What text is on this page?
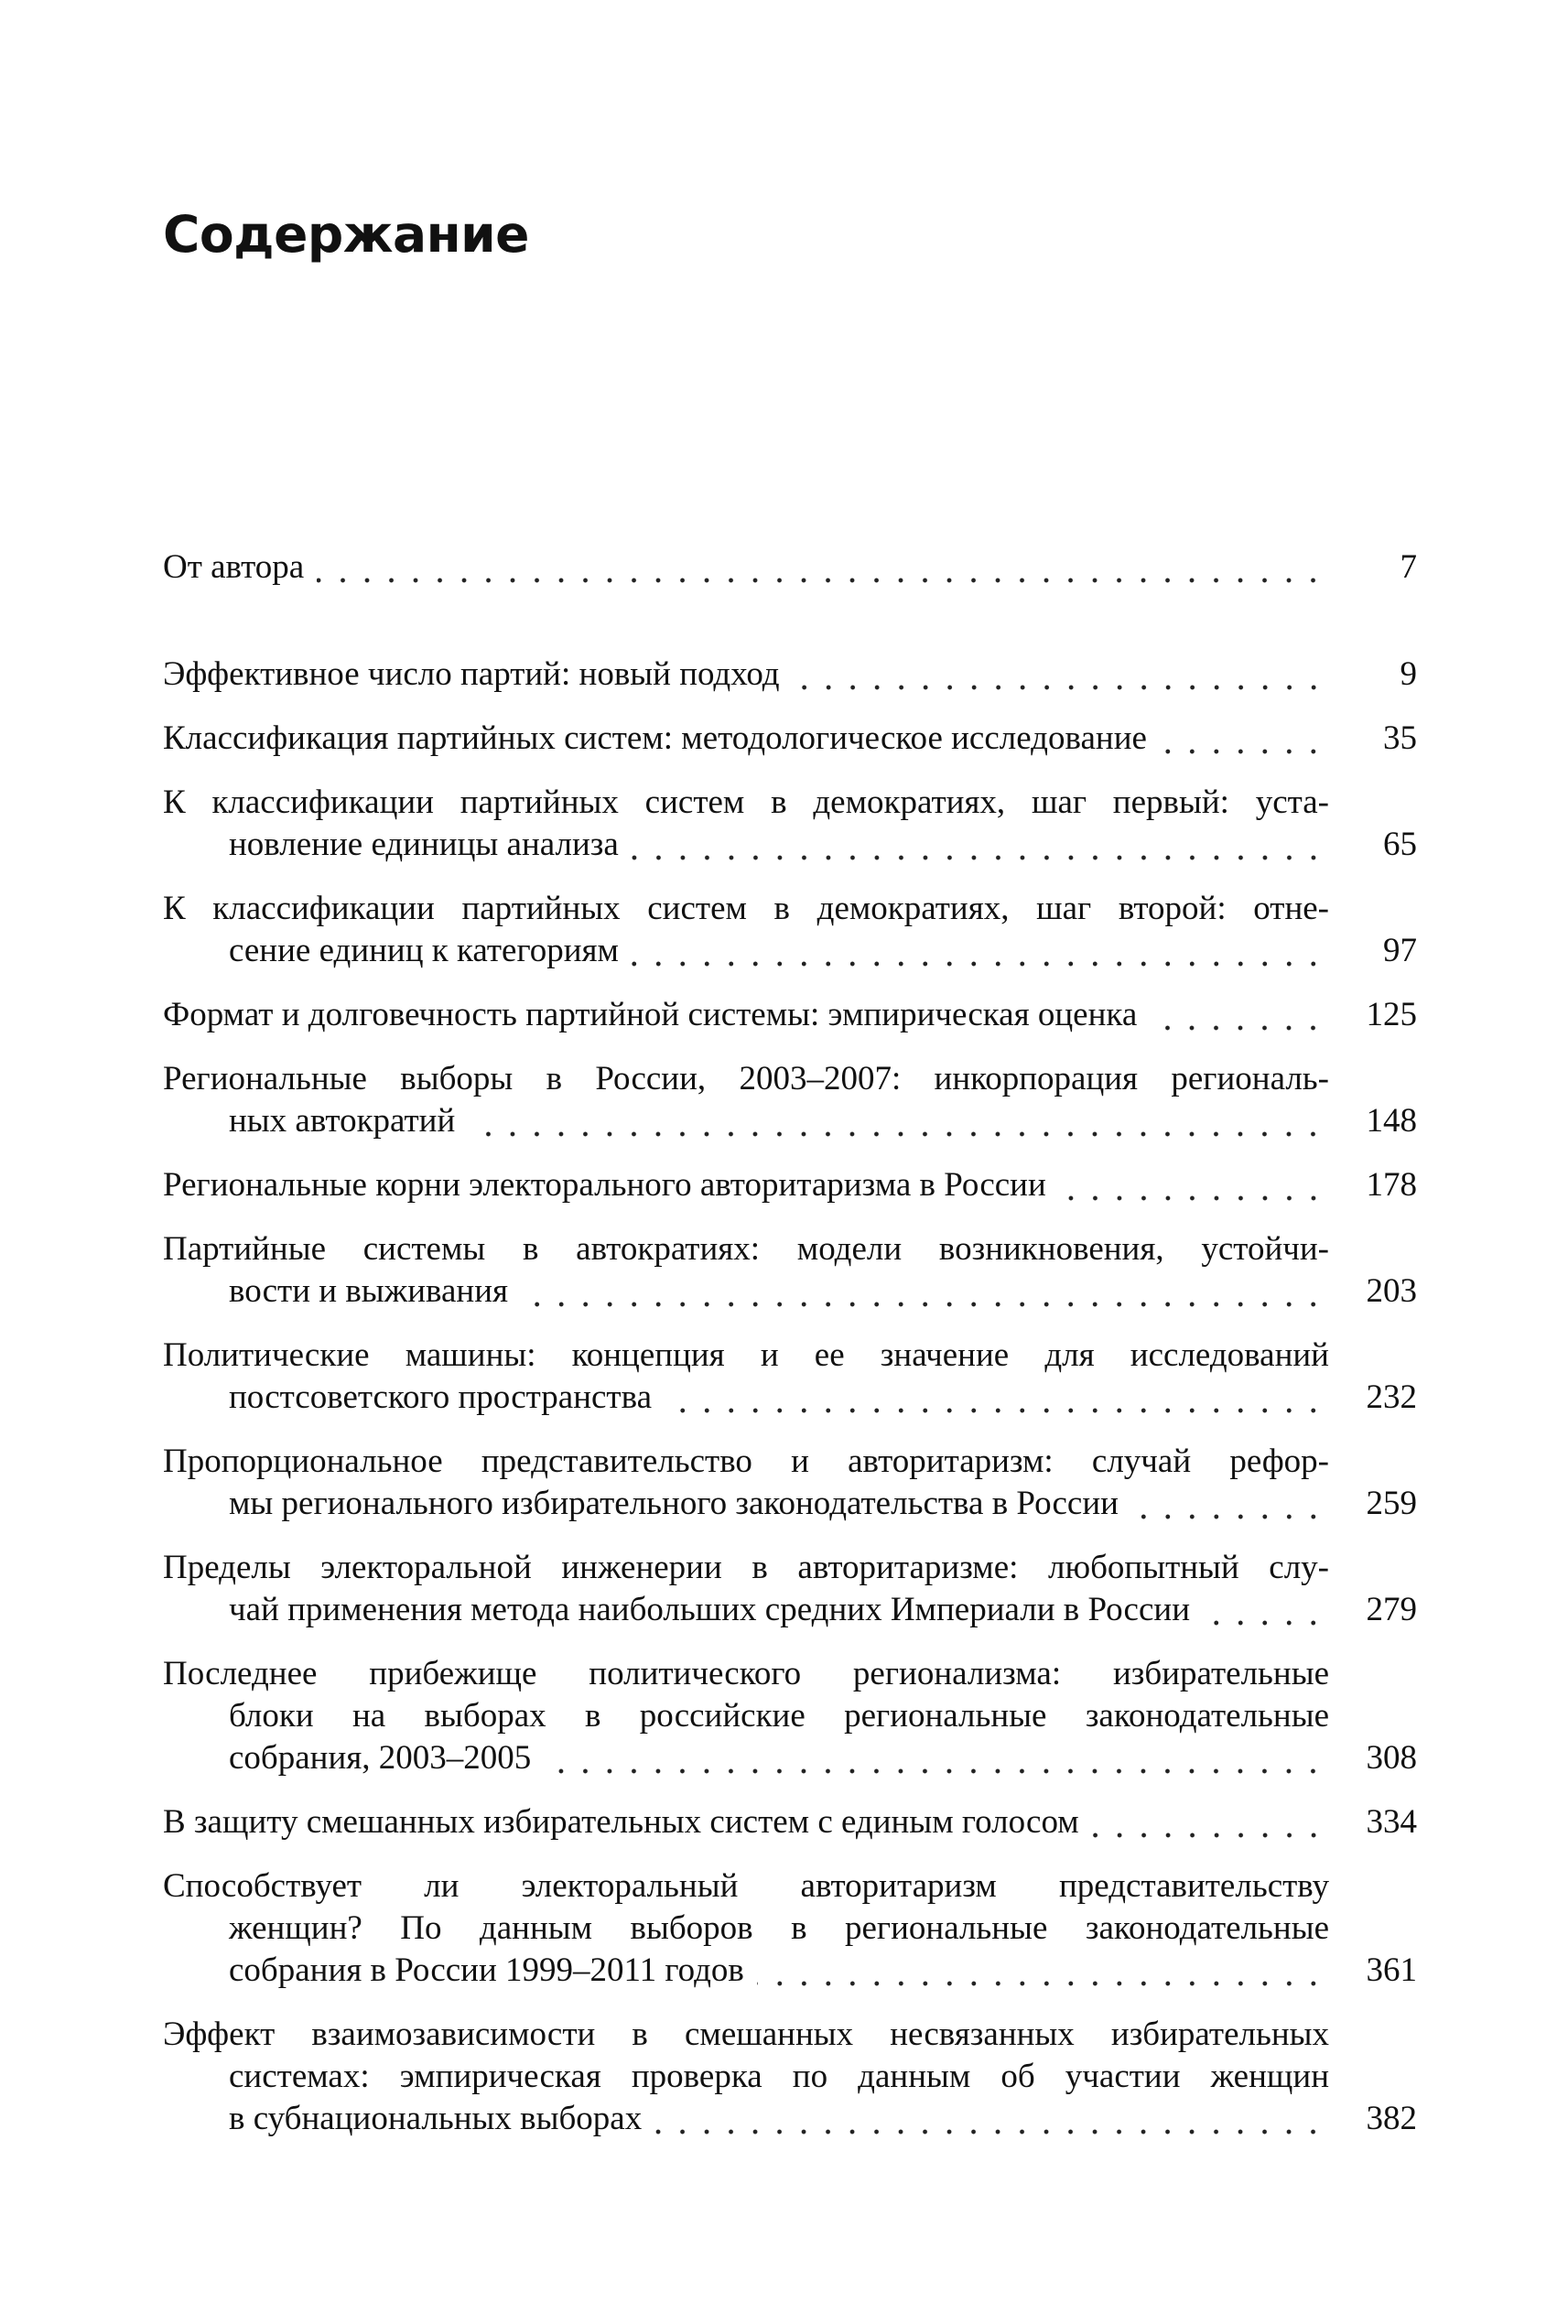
Содержание
От автора	7
Эффективное число партий: новый подход	9
Классификация партийных систем: методологическое исследование	35
К классификации партийных систем в демократиях, шаг первый: уста-
новление единицы анализа	65
К классификации партийных систем в демократиях, шаг второй: отне-
сение единиц к категориям	97
Формат и долговечность партийной системы: эмпирическая оценка	125
Региональные выборы в России, 2003–2007: инкорпорация региональ-
ных автократий	148
Региональные корни электорального авторитаризма в России	178
Партийные системы в автократиях: модели возникновения, устойчи-
вости и выживания	203
Политические машины: концепция и ее значение для исследований
постсоветского пространства	232
Пропорциональное представительство и авторитаризм: случай рефор-
мы регионального избирательного законодательства в России	259
Пределы электоральной инженерии в авторитаризме: любопытный слу-
чай применения метода наибольших средних Империали в России	279
Последнее прибежище политического регионализма: избирательные
блоки на выборах в российские региональные законодательные
собрания, 2003–2005	308
В защиту смешанных избирательных систем с единым голосом	334
Способствует ли электоральный авторитаризм представительству
женщин? По данным выборов в региональные законодательные
собрания в России 1999–2011 годов	361
Эффект взаимозависимости в смешанных несвязанных избирательных
системах: эмпирическая проверка по данным об участии женщин
в субнациональных выборах	382
